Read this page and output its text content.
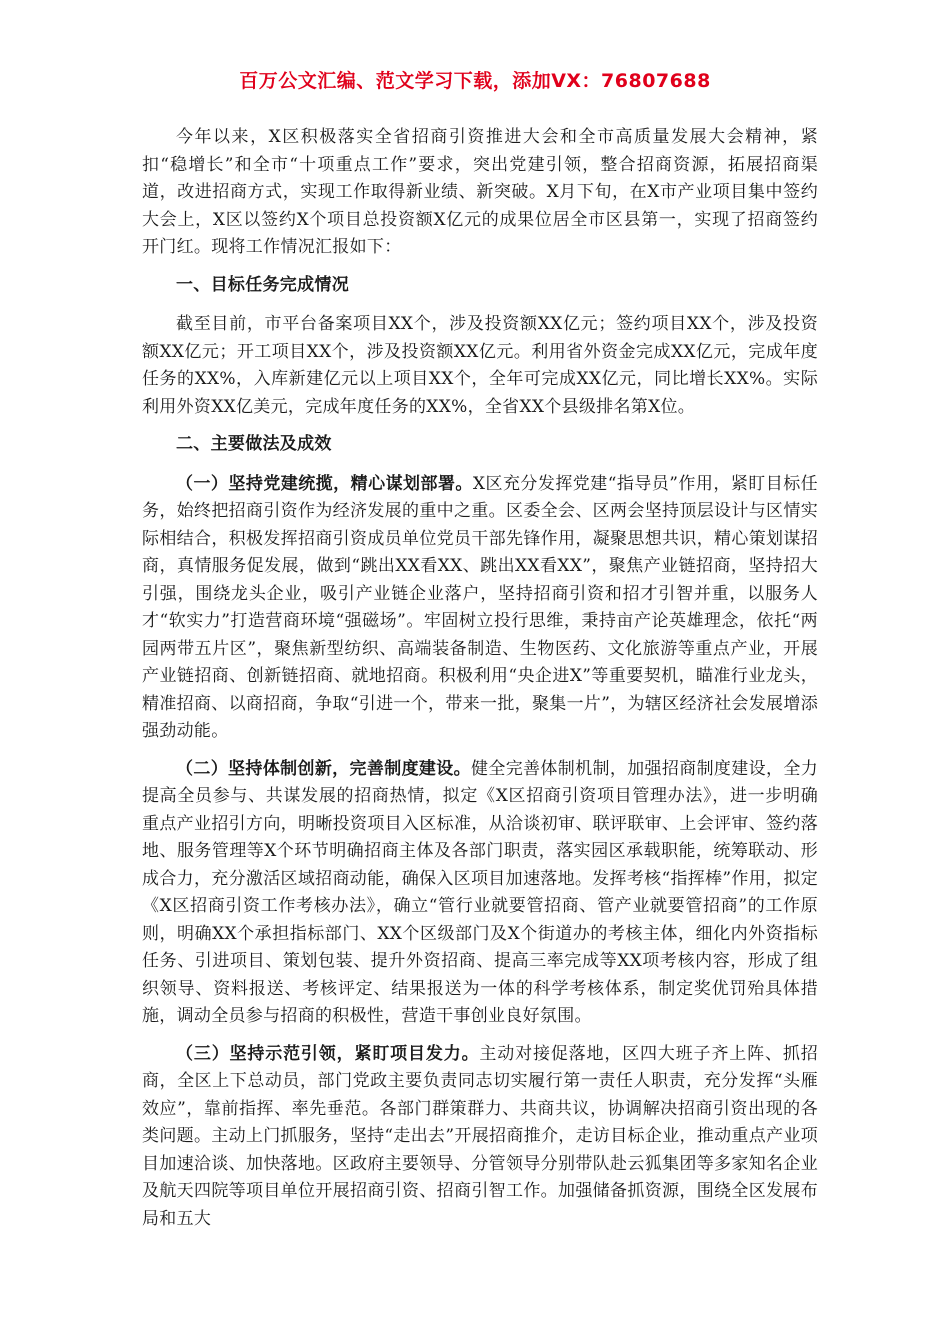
百万公文汇编、范文学习下载，添加VX：76807688

今年以来，X区积极落实全省招商引资推进大会和全市高质量发展大会精神，紧扣“稳增长”和全市“十项重点工作”要求，突出党建引领，整合招商资源，拓展招商渠道，改进招商方式，实现工作取得新业绩、新突破。X月下旬，在X市产业项目集中签约大会上，X区以签约X个项目总投资额X亿元的成果位居全市区县第一，实现了招商签约开门红。现将工作情况汇报如下：

一、目标任务完成情况

截至目前，市平台备案项目XX个，涉及投资额XX亿元；签约项目XX个，涉及投资额XX亿元；开工项目XX个，涉及投资额XX亿元。利用省外资金完成XX亿元，完成年度任务的XX%，入库新建亿元以上项目XX个，全年可完成XX亿元，同比增长XX%。实际利用外资XX亿美元，完成年度任务的XX%，全省XX个县级排名第X位。

二、主要做法及成效

（一）坚持党建统揽，精心谋划部署。X区充分发挥党建“指导员”作用，紧盯目标任务，始终把招商引资作为经济发展的重中之重。区委全会、区两会坚持顶层设计与区情实际相结合，积极发挥招商引资成员单位党员干部先锋作用，凝聚思想共识，精心策划谋招商，真情服务促发展，做到“跳出XX看XX、跳出XX看XX”，聚焦产业链招商，坚持招大引强，围绕龙头企业，吸引产业链企业落户，坚持招商引资和招才引智并重，以服务人才“软实力”打造营商环境“强磁场”。牢固树立投行思维，秉持亩产论英雄理念，依托“两园两带五片区”，聚焦新型纺织、高端装备制造、生物医药、文化旅游等重点产业，开展产业链招商、创新链招商、就地招商。积极利用“央企进X”等重要契机，瞄准行业龙头，精准招商、以商招商，争取“引进一个，带来一批，聚集一片”，为辖区经济社会发展增添强劲动能。

（二）坚持体制创新，完善制度建设。健全完善体制机制，加强招商制度建设，全力提高全员参与、共谋发展的招商热情，拟定《X区招商引资项目管理办法》，进一步明确重点产业招引方向，明晰投资项目入区标准，从洽谈初审、联评联审、上会评审、签约落地、服务管理等X个环节明确招商主体及各部门职责，落实园区承载职能，统筹联动、形成合力，充分激活区域招商动能，确保入区项目加速落地。发挥考核“指挥棒”作用，拟定《X区招商引资工作考核办法》，确立“管行业就要管招商、管产业就要管招商”的工作原则，明确XX个承担指标部门、XX个区级部门及X个街道办的考核主体，细化内外资指标任务、引进项目、策划包装、提升外资招商、提高三率完成等XX项考核内容，形成了组织领导、资料报送、考核评定、结果报送为一体的科学考核体系，制定奖优罚殆具体措施，调动全员参与招商的积极性，营造干事创业良好氛围。

（三）坚持示范引领，紧盯项目发力。主动对接促落地，区四大班子齐上阵、抓招商，全区上下总动员，部门党政主要负责同志切实履行第一责任人职责，充分发挥“头雁效应”，靠前指挥、率先垂范。各部门群策群力、共商共议，协调解决招商引资出现的各类问题。主动上门抓服务，坚持“走出去”开展招商推介，走访目标企业，推动重点产业项目加速洽谈、加快落地。区政府主要领导、分管领导分别带队赴云狐集团等多家知名企业及航天四院等项目单位开展招商引资、招商引智工作。加强储备抓资源，围绕全区发展布局和五大
